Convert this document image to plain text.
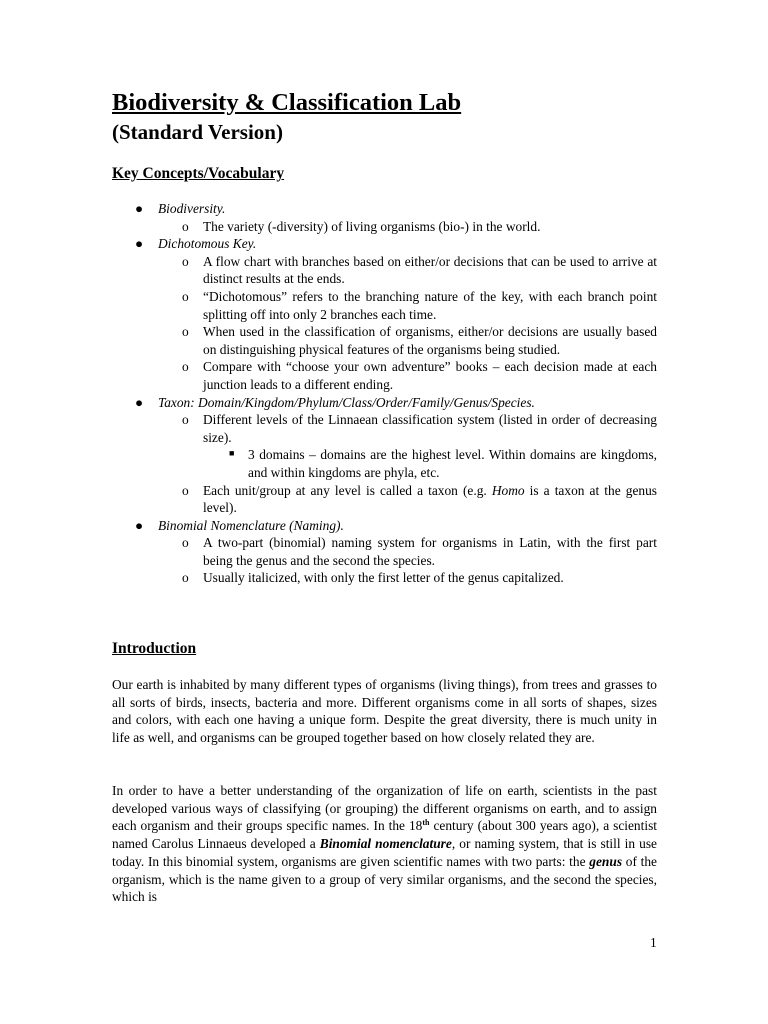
Biodiversity & Classification Lab
(Standard Version)
Key Concepts/Vocabulary
● Biodiversity.
o The variety (-diversity) of living organisms (bio-) in the world.
● Dichotomous Key.
o A flow chart with branches based on either/or decisions that can be used to arrive at distinct results at the ends.
o “Dichotomous” refers to the branching nature of the key, with each branch point splitting off into only 2 branches each time.
o When used in the classification of organisms, either/or decisions are usually based on distinguishing physical features of the organisms being studied.
o Compare with “choose your own adventure” books – each decision made at each junction leads to a different ending.
● Taxon: Domain/Kingdom/Phylum/Class/Order/Family/Genus/Species.
o Different levels of the Linnaean classification system (listed in order of decreasing size).
■ 3 domains – domains are the highest level. Within domains are kingdoms, and within kingdoms are phyla, etc.
o Each unit/group at any level is called a taxon (e.g. Homo is a taxon at the genus level).
● Binomial Nomenclature (Naming).
o A two-part (binomial) naming system for organisms in Latin, with the first part being the genus and the second the species.
o Usually italicized, with only the first letter of the genus capitalized.
Introduction
Our earth is inhabited by many different types of organisms (living things), from trees and grasses to all sorts of birds, insects, bacteria and more. Different organisms come in all sorts of shapes, sizes and colors, with each one having a unique form. Despite the great diversity, there is much unity in life as well, and organisms can be grouped together based on how closely related they are.
In order to have a better understanding of the organization of life on earth, scientists in the past developed various ways of classifying (or grouping) the different organisms on earth, and to assign each organism and their groups specific names. In the 18th century (about 300 years ago), a scientist named Carolus Linnaeus developed a Binomial nomenclature, or naming system, that is still in use today. In this binomial system, organisms are given scientific names with two parts: the genus of the organism, which is the name given to a group of very similar organisms, and the second the species, which is
1
